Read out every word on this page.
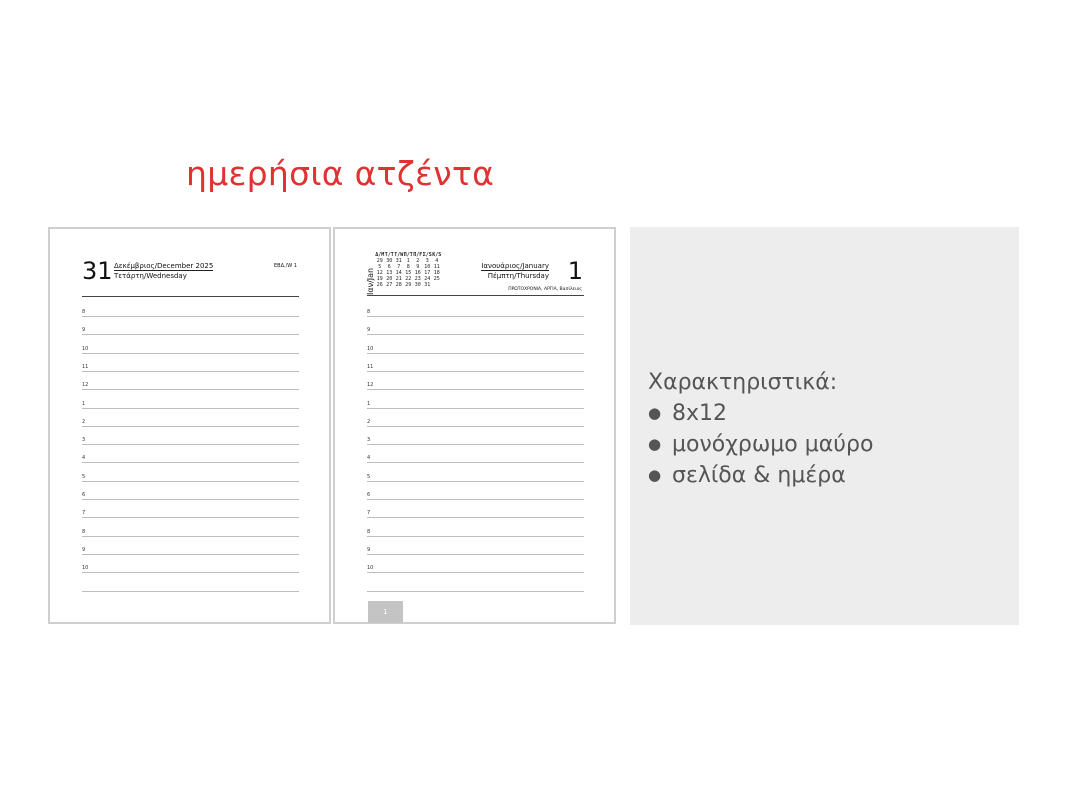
ημερήσια ατζέντα
31 Δεκέμβριος/December 2025
Τετάρτη/Wednesday
ΕΒΔ./W 1
8
9
10
11
12
1
2
3
4
5
6
7
8
9
10
Ιαν/Jan
Δ/M T/T T/W Π/T Π/F Σ/S K/S
29 30 31 1	2	3	4
5	6	7	8	9 10 11
12 13 14 15 16 17 18
19 20 21 22 23 24 25
26 27 28 29 30 31
Ιανουάριος/January
Πέμπτη/Thursday 1
ΠΡΩΤΟΧΡΟΝΙΑ, ΑΡΓΙΑ, Βασίλειος
8
9
10
11
12
1
2
3
4
5
6
7
8
9
10
1
Χαρακτηριστικά:
● 8x12
● μονόχρωμο μαύρο
● σελίδα & ημέρα
